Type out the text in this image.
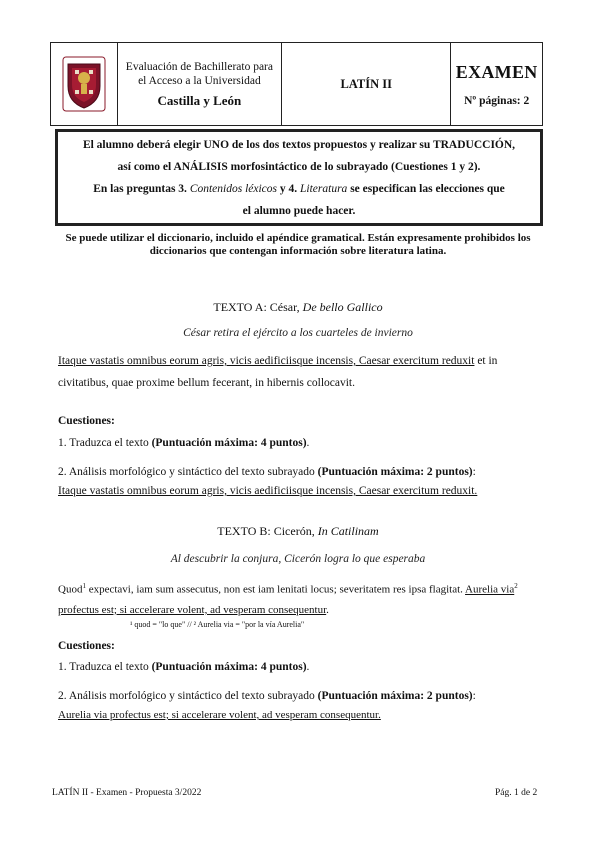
Evaluación de Bachillerato para
el Acceso a la Universidad
Castilla y León
LATÍN II
EXAMEN
Nº páginas: 2
El alumno deberá elegir UNO de los dos textos propuestos y realizar su TRADUCCIÓN,
así como el ANÁLISIS morfosintáctico de lo subrayado (Cuestiones 1 y 2).
En las preguntas 3. Contenidos léxicos y 4. Literatura se especifican las elecciones que
el alumno puede hacer.
Se puede utilizar el diccionario, incluido el apéndice gramatical. Están expresamente prohibidos los
diccionarios que contengan información sobre literatura latina.
TEXTO A: César, De bello Gallico
César retira el ejército a los cuarteles de invierno
Itaque vastatis omnibus eorum agris, vicis aedificiisque incensis, Caesar exercitum reduxit et in civitatibus, quae proxime bellum fecerant, in hibernis collocavit.
Cuestiones:
1. Traduzca el texto (Puntuación máxima: 4 puntos).
2. Análisis morfológico y sintáctico del texto subrayado (Puntuación máxima: 2 puntos):
Itaque vastatis omnibus eorum agris, vicis aedificiisque incensis, Caesar exercitum reduxit.
TEXTO B: Cicerón, In Catilinam
Al descubrir la conjura, Cicerón logra lo que esperaba
Quod$^1$ expectavi, iam sum assecutus, non est iam lenitati locus; severitatem res ipsa flagitat. Aurelia via$^2$ profectus est; si accelerare volent, ad vesperam consequentur.
¹ quod = "lo que" // ² Aurelia via = "por la vía Aurelia"
Cuestiones:
1. Traduzca el texto (Puntuación máxima: 4 puntos).
2. Análisis morfológico y sintáctico del texto subrayado (Puntuación máxima: 2 puntos):
Aurelia via profectus est; si accelerare volent, ad vesperam consequentur.
LATÍN II - Examen - Propuesta 3/2022	Pág. 1 de 2
